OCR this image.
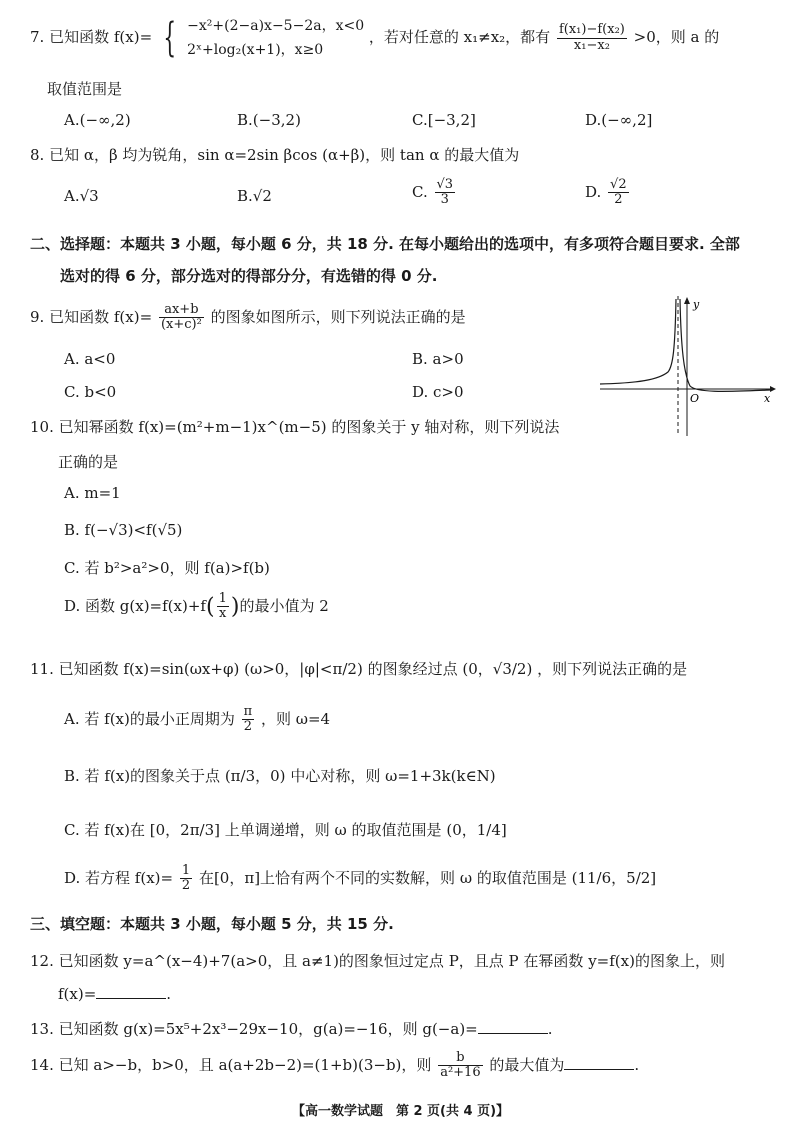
7. 已知函数 f(x)= { −x²+(2−a)x−5−2a，x<0
2ˣ+log₂(x+1)，x≥0
，若对任意的 x₁≠x₂，都有 $\frac{\text{f(x₁)−f(x₂)}}{\text{x₁−x₂}} >0$，则 a 的
取值范围是
A.(−∞,2)	B.(−3,2)	C.[−3,2]	D.(−∞,2]
8. 已知 α，β 均为锐角，sin α=2sin βcos (α+β)，则 tan α 的最大值为
A.√3	B.√2	C. $\frac{√3}{3}$	D. $\frac{√2}{2}$
二、选择题：本题共 3 小题，每小题 6 分，共 18 分. 在每小题给出的选项中，有多项符合题目要求. 全部
选对的得 6 分，部分选对的得部分分，有选错的得 0 分.
9. 已知函数 $f(x)= \frac{ax+b}{\text{(x+c)²}}$ 的图象如图所示，则下列说法正确的是
A. a<0	B. a>0
C. b<0	D. c>0
y
x
O
10. 已知幂函数 f(x)=(m²+m−1)x^(m−5) 的图象关于 y 轴对称，则下列说法
正确的是
A. m=1
B. f(−√3)<f(√5)
C. 若 b²>a²>0，则 f(a)>f(b)
D. 函数 $g(x)=f(x)+f( \frac{1}{x}$ )的最小值为 2
11. 已知函数 f(x)=sin(ωx+φ) (ω>0，|φ|<π/2) 的图象经过点 (0，√3/2) ，则下列说法正确的是
A. 若 f(x)的最小正周期为 $\frac{\pi}{2}$ ，则 ω=4
B. 若 f(x)的图象关于点 (π/3，0) 中心对称，则 ω=1+3k(k∈N)
C. 若 f(x)在 [0，2π/3] 上单调递增，则 ω 的取值范围是 (0，1/4]
D. 若方程 $f(x)= \frac{1}{2}$ 在[0，π]上恰有两个不同的实数解，则 ω 的取值范围是 (11/6，5/2]
三、填空题：本题共 3 小题，每小题 5 分，共 15 分.
12. 已知函数 y=a^(x−4)+7(a>0，且 a≠1)的图象恒过定点 P，且点 P 在幂函数 y=f(x)的图象上，则
f(x)=	.
13. 已知函数 g(x)=5x⁵+2x³−29x−10，g(a)=−16，则 g(−a)=	.
14. 已知 a>−b，b>0，且 a(a+2b−2)=(1+b)(3−b)，则 $\frac{b}{\text{a²+16}}$ 的最大值为	.
【高一数学试题　第 2 页(共 4 页)】
